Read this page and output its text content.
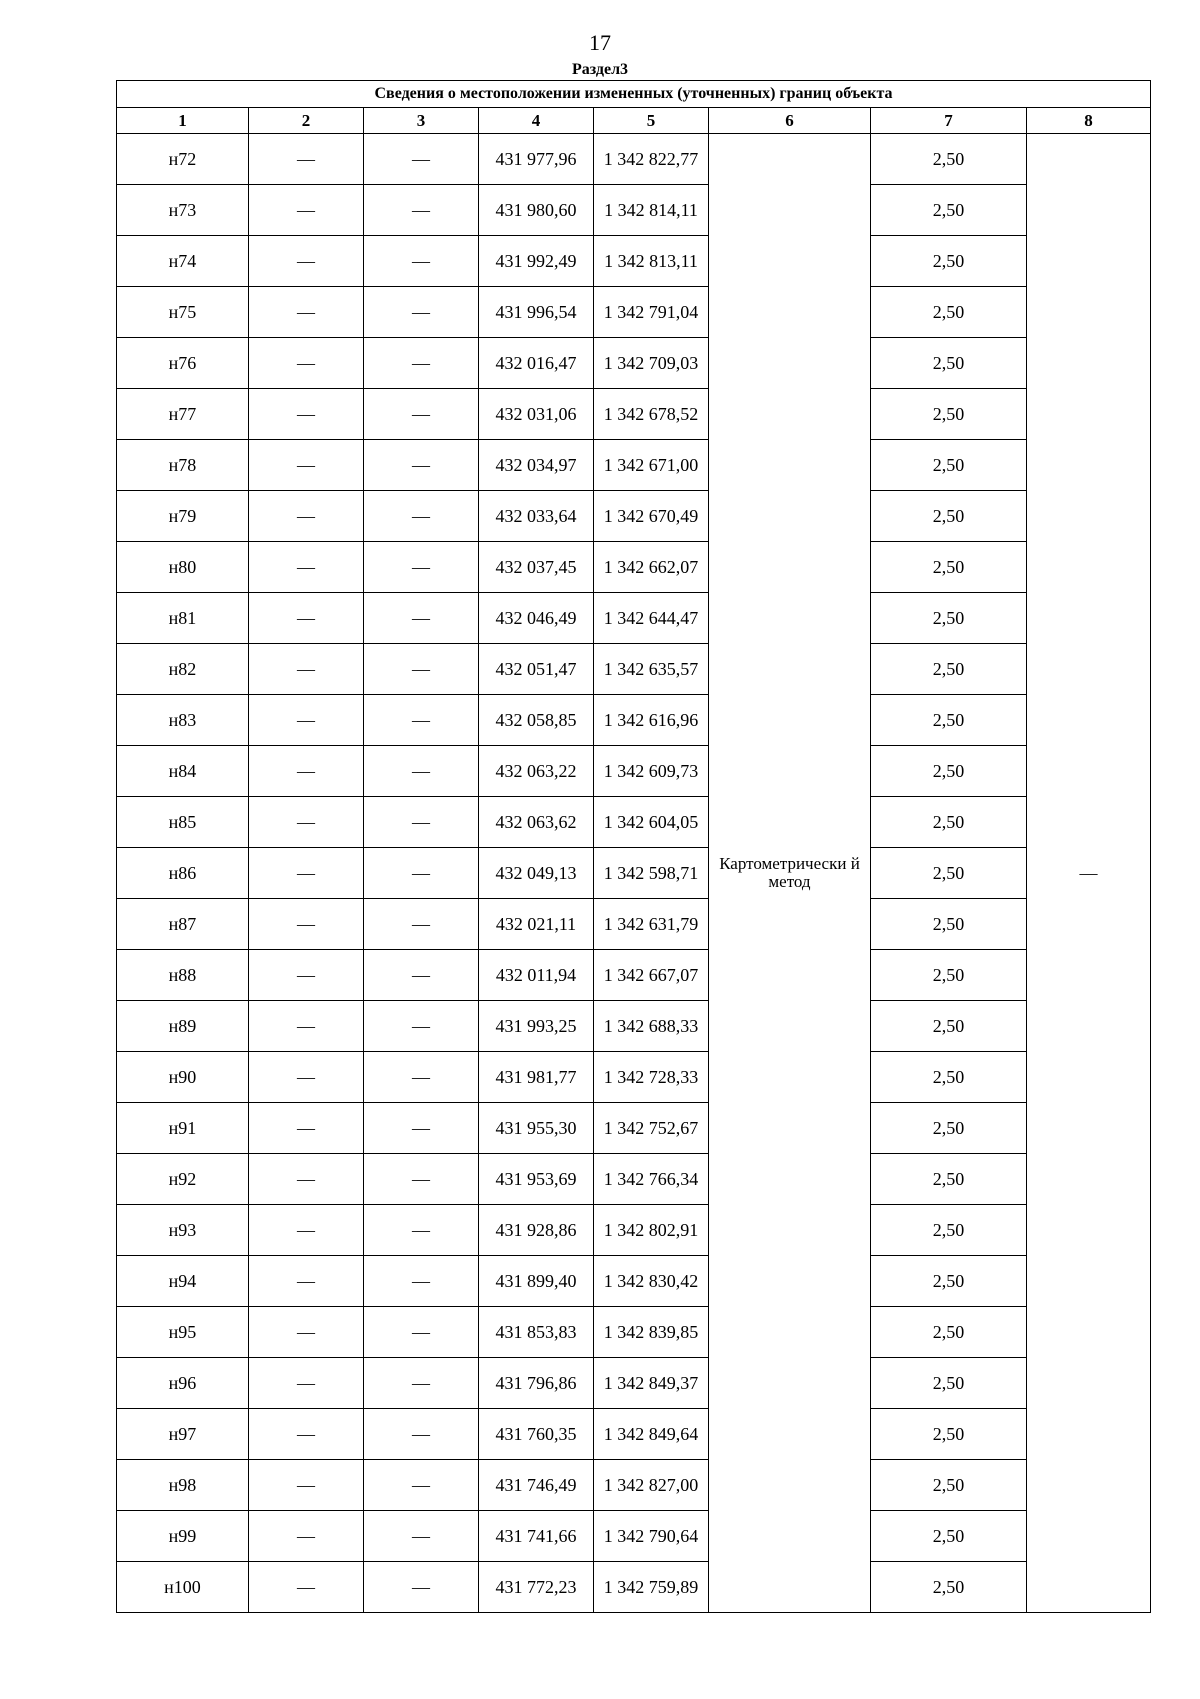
17
Раздел3
Сведения о местоположении измененных (уточненных) границ объекта							
1	2	3	4	5	6	7	8
н72	—	—	431 977,96	1 342 822,77	Картометрически й метод	2,50	—
н73	—	—	431 980,60	1 342 814,11		2,50	
н74	—	—	431 992,49	1 342 813,11		2,50	
н75	—	—	431 996,54	1 342 791,04		2,50	
н76	—	—	432 016,47	1 342 709,03		2,50	
н77	—	—	432 031,06	1 342 678,52		2,50	
н78	—	—	432 034,97	1 342 671,00		2,50	
н79	—	—	432 033,64	1 342 670,49		2,50	
н80	—	—	432 037,45	1 342 662,07		2,50	
н81	—	—	432 046,49	1 342 644,47		2,50	
н82	—	—	432 051,47	1 342 635,57		2,50	
н83	—	—	432 058,85	1 342 616,96		2,50	
н84	—	—	432 063,22	1 342 609,73		2,50	
н85	—	—	432 063,62	1 342 604,05		2,50	
н86	—	—	432 049,13	1 342 598,71		2,50	
н87	—	—	432 021,11	1 342 631,79		2,50	
н88	—	—	432 011,94	1 342 667,07		2,50	
н89	—	—	431 993,25	1 342 688,33		2,50	
н90	—	—	431 981,77	1 342 728,33		2,50	
н91	—	—	431 955,30	1 342 752,67		2,50	
н92	—	—	431 953,69	1 342 766,34		2,50	
н93	—	—	431 928,86	1 342 802,91		2,50	
н94	—	—	431 899,40	1 342 830,42		2,50	
н95	—	—	431 853,83	1 342 839,85		2,50	
н96	—	—	431 796,86	1 342 849,37		2,50	
н97	—	—	431 760,35	1 342 849,64		2,50	
н98	—	—	431 746,49	1 342 827,00		2,50	
н99	—	—	431 741,66	1 342 790,64		2,50	
н100	—	—	431 772,23	1 342 759,89		2,50	
